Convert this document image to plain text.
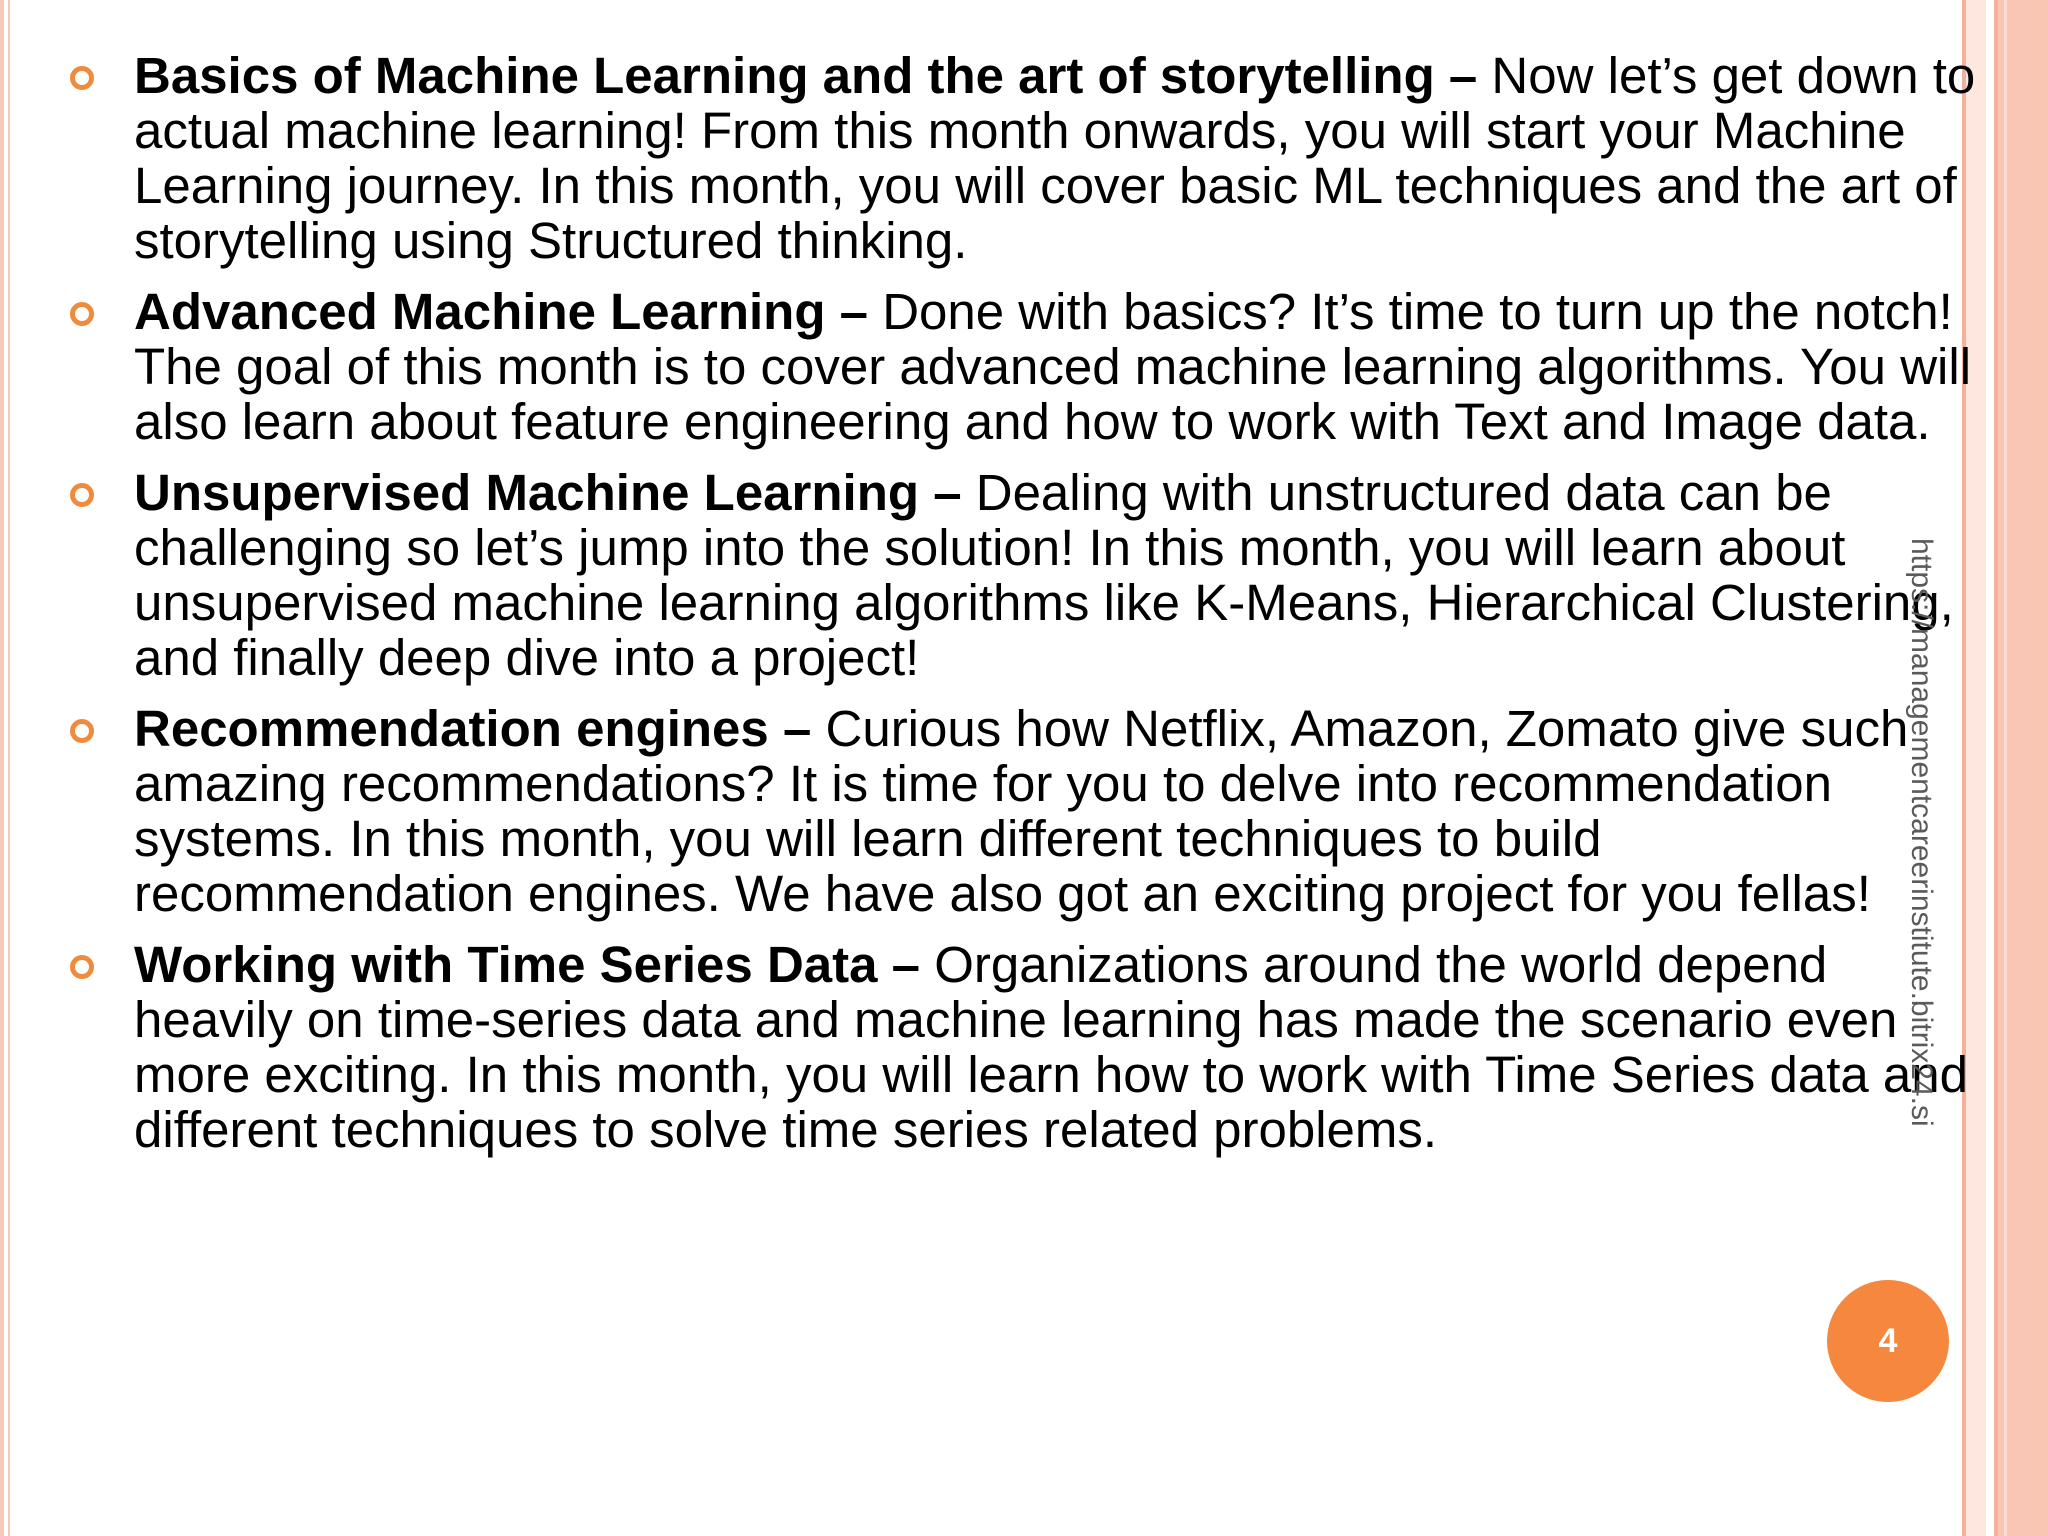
Basics of Machine Learning and the art of storytelling – Now let’s get down to actual machine learning! From this month onwards, you will start your Machine Learning journey. In this month, you will cover basic ML techniques and the art of storytelling using Structured thinking.
Advanced Machine Learning – Done with basics? It’s time to turn up the notch! The goal of this month is to cover advanced machine learning algorithms. You will also learn about feature engineering and how to work with Text and Image data.
Unsupervised Machine Learning – Dealing with unstructured data can be challenging so let’s jump into the solution! In this month, you will learn about unsupervised machine learning algorithms like K-Means, Hierarchical Clustering, and finally deep dive into a project!
Recommendation engines – Curious how Netflix, Amazon, Zomato give such amazing recommendations? It is time for you to delve into recommendation systems. In this month, you will learn different techniques to build recommendation engines. We have also got an exciting project for you fellas!
Working with Time Series Data – Organizations around the world depend heavily on time-series data and machine learning has made the scenario even more exciting. In this month, you will learn how to work with Time Series data and different techniques to solve time series related problems.
https://managementcareerinstitute.bitrix24.si
4
